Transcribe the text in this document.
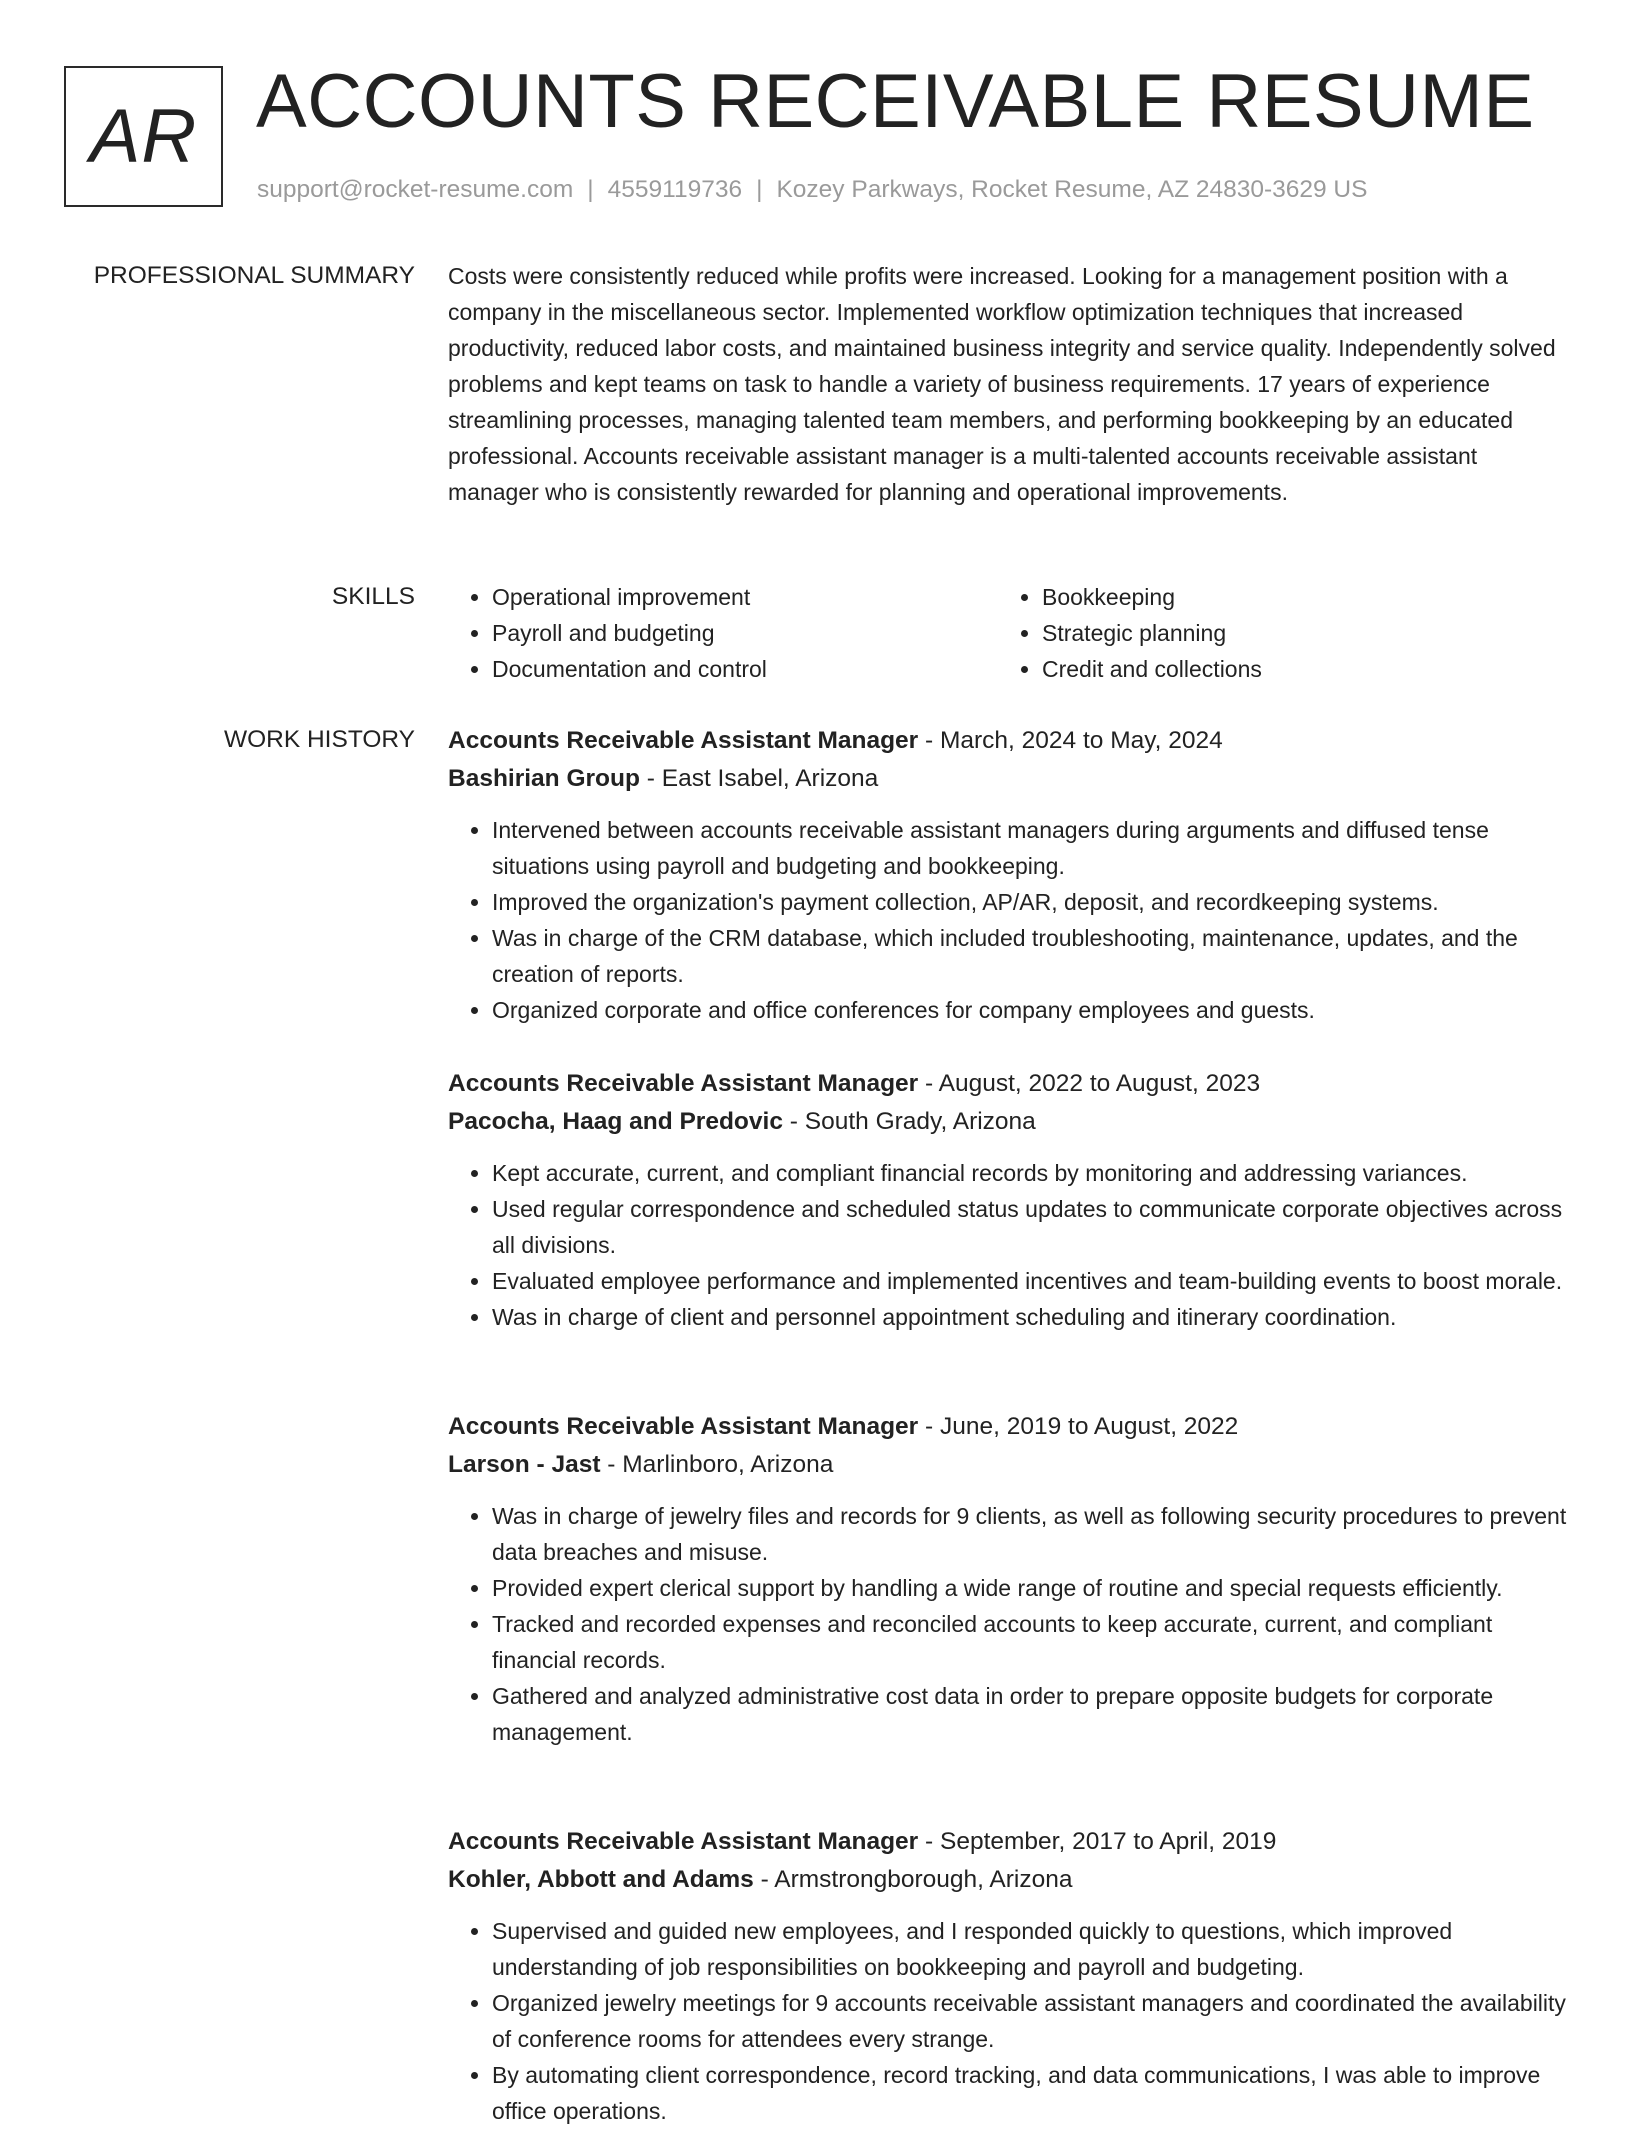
AR ACCOUNTS RECEIVABLE RESUME
support@rocket-resume.com | 4559119736 | Kozey Parkways, Rocket Resume, AZ 24830-3629 US
PROFESSIONAL SUMMARY Costs were consistently reduced while profits were increased. Looking for a management position with a company in the miscellaneous sector. Implemented workflow optimization techniques that increased productivity, reduced labor costs, and maintained business integrity and service quality. Independently solved problems and kept teams on task to handle a variety of business requirements. 17 years of experience streamlining processes, managing talented team members, and performing bookkeeping by an educated professional. Accounts receivable assistant manager is a multi-talented accounts receivable assistant manager who is consistently rewarded for planning and operational improvements.

SKILLS
•	Operational improvement
• Payroll and budgeting
• Documentation and control
• Bookkeeping
• Strategic planning
• Credit and collections
WORK HISTORY Accounts Receivable Assistant Manager - March, 2024 to May, 2024
Bashirian Group - East Isabel, Arizona
• Intervened between accounts receivable assistant managers during arguments and diffused tense situations using payroll and budgeting and bookkeeping.
• Improved the organization's payment collection, AP/AR, deposit, and recordkeeping systems.
• Was in charge of the CRM database, which included troubleshooting, maintenance, updates, and the creation of reports.
• Organized corporate and office conferences for company employees and guests.
Accounts Receivable Assistant Manager - August, 2022 to August, 2023
Pacocha, Haag and Predovic - South Grady, Arizona
• Kept accurate, current, and compliant financial records by monitoring and addressing variances.
• Used regular correspondence and scheduled status updates to communicate corporate objectives across all divisions.
• Evaluated employee performance and implemented incentives and team-building events to boost morale.
• Was in charge of client and personnel appointment scheduling and itinerary coordination.
Accounts Receivable Assistant Manager - June, 2019 to August, 2022
Larson - Jast - Marlinboro, Arizona
• Was in charge of jewelry files and records for 9 clients, as well as following security procedures to prevent data breaches and misuse.
• Provided expert clerical support by handling a wide range of routine and special requests efficiently.
• Tracked and recorded expenses and reconciled accounts to keep accurate, current, and compliant financial records.
• Gathered and analyzed administrative cost data in order to prepare opposite budgets for corporate management.
Accounts Receivable Assistant Manager - September, 2017 to April, 2019
Kohler, Abbott and Adams - Armstrongborough, Arizona
• Supervised and guided new employees, and I responded quickly to questions, which improved understanding of job responsibilities on bookkeeping and payroll and budgeting.
• Organized jewelry meetings for 9 accounts receivable assistant managers and coordinated the availability of conference rooms for attendees every strange.
• By automating client correspondence, record tracking, and data communications, I was able to improve office operations.
